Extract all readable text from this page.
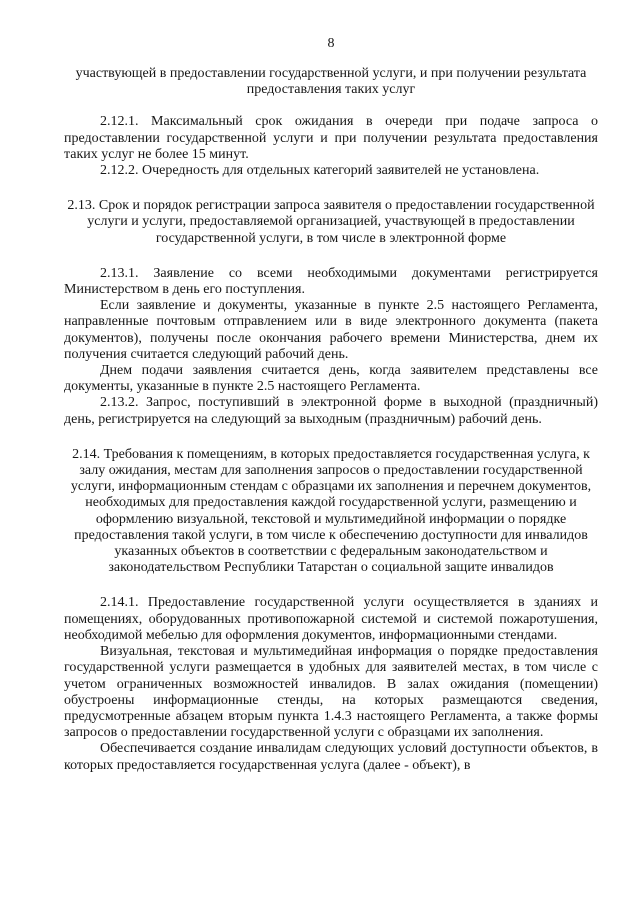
8

участвующей в предоставлении государственной услуги, и при получении результата предоставления таких услуг

2.12.1. Максимальный срок ожидания в очереди при подаче запроса о предоставлении государственной услуги и при получении результата предоставления таких услуг не более 15 минут.

2.12.2. Очередность для отдельных категорий заявителей не установлена.

2.13. Срок и порядок регистрации запроса заявителя о предоставлении государственной услуги и услуги, предоставляемой организацией, участвующей в предоставлении государственной услуги, в том числе в электронной форме

2.13.1. Заявление со всеми необходимыми документами регистрируется Министерством в день его поступления.

Если заявление и документы, указанные в пункте 2.5 настоящего Регламента, направленные почтовым отправлением или в виде электронного документа (пакета документов), получены после окончания рабочего времени Министерства, днем их получения считается следующий рабочий день.

Днем подачи заявления считается день, когда заявителем представлены все документы, указанные в пункте 2.5 настоящего Регламента.

2.13.2. Запрос, поступивший в электронной форме в выходной (праздничный) день, регистрируется на следующий за выходным (праздничным) рабочий день.

2.14. Требования к помещениям, в которых предоставляется государственная услуга, к залу ожидания, местам для заполнения запросов о предоставлении государственной услуги, информационным стендам с образцами их заполнения и перечнем документов, необходимых для предоставления каждой государственной услуги, размещению и оформлению визуальной, текстовой и мультимедийной информации о порядке предоставления такой услуги, в том числе к обеспечению доступности для инвалидов указанных объектов в соответствии с федеральным законодательством и законодательством Республики Татарстан о социальной защите инвалидов

2.14.1. Предоставление государственной услуги осуществляется в зданиях и помещениях, оборудованных противопожарной системой и системой пожаротушения, необходимой мебелью для оформления документов, информационными стендами.

Визуальная, текстовая и мультимедийная информация о порядке предоставления государственной услуги размещается в удобных для заявителей местах, в том числе с учетом ограниченных возможностей инвалидов. В залах ожидания (помещении) обустроены информационные стенды, на которых размещаются сведения, предусмотренные абзацем вторым пункта 1.4.3 настоящего Регламента, а также формы запросов о предоставлении государственной услуги с образцами их заполнения.

Обеспечивается создание инвалидам следующих условий доступности объектов, в которых предоставляется государственная услуга (далее - объект), в
